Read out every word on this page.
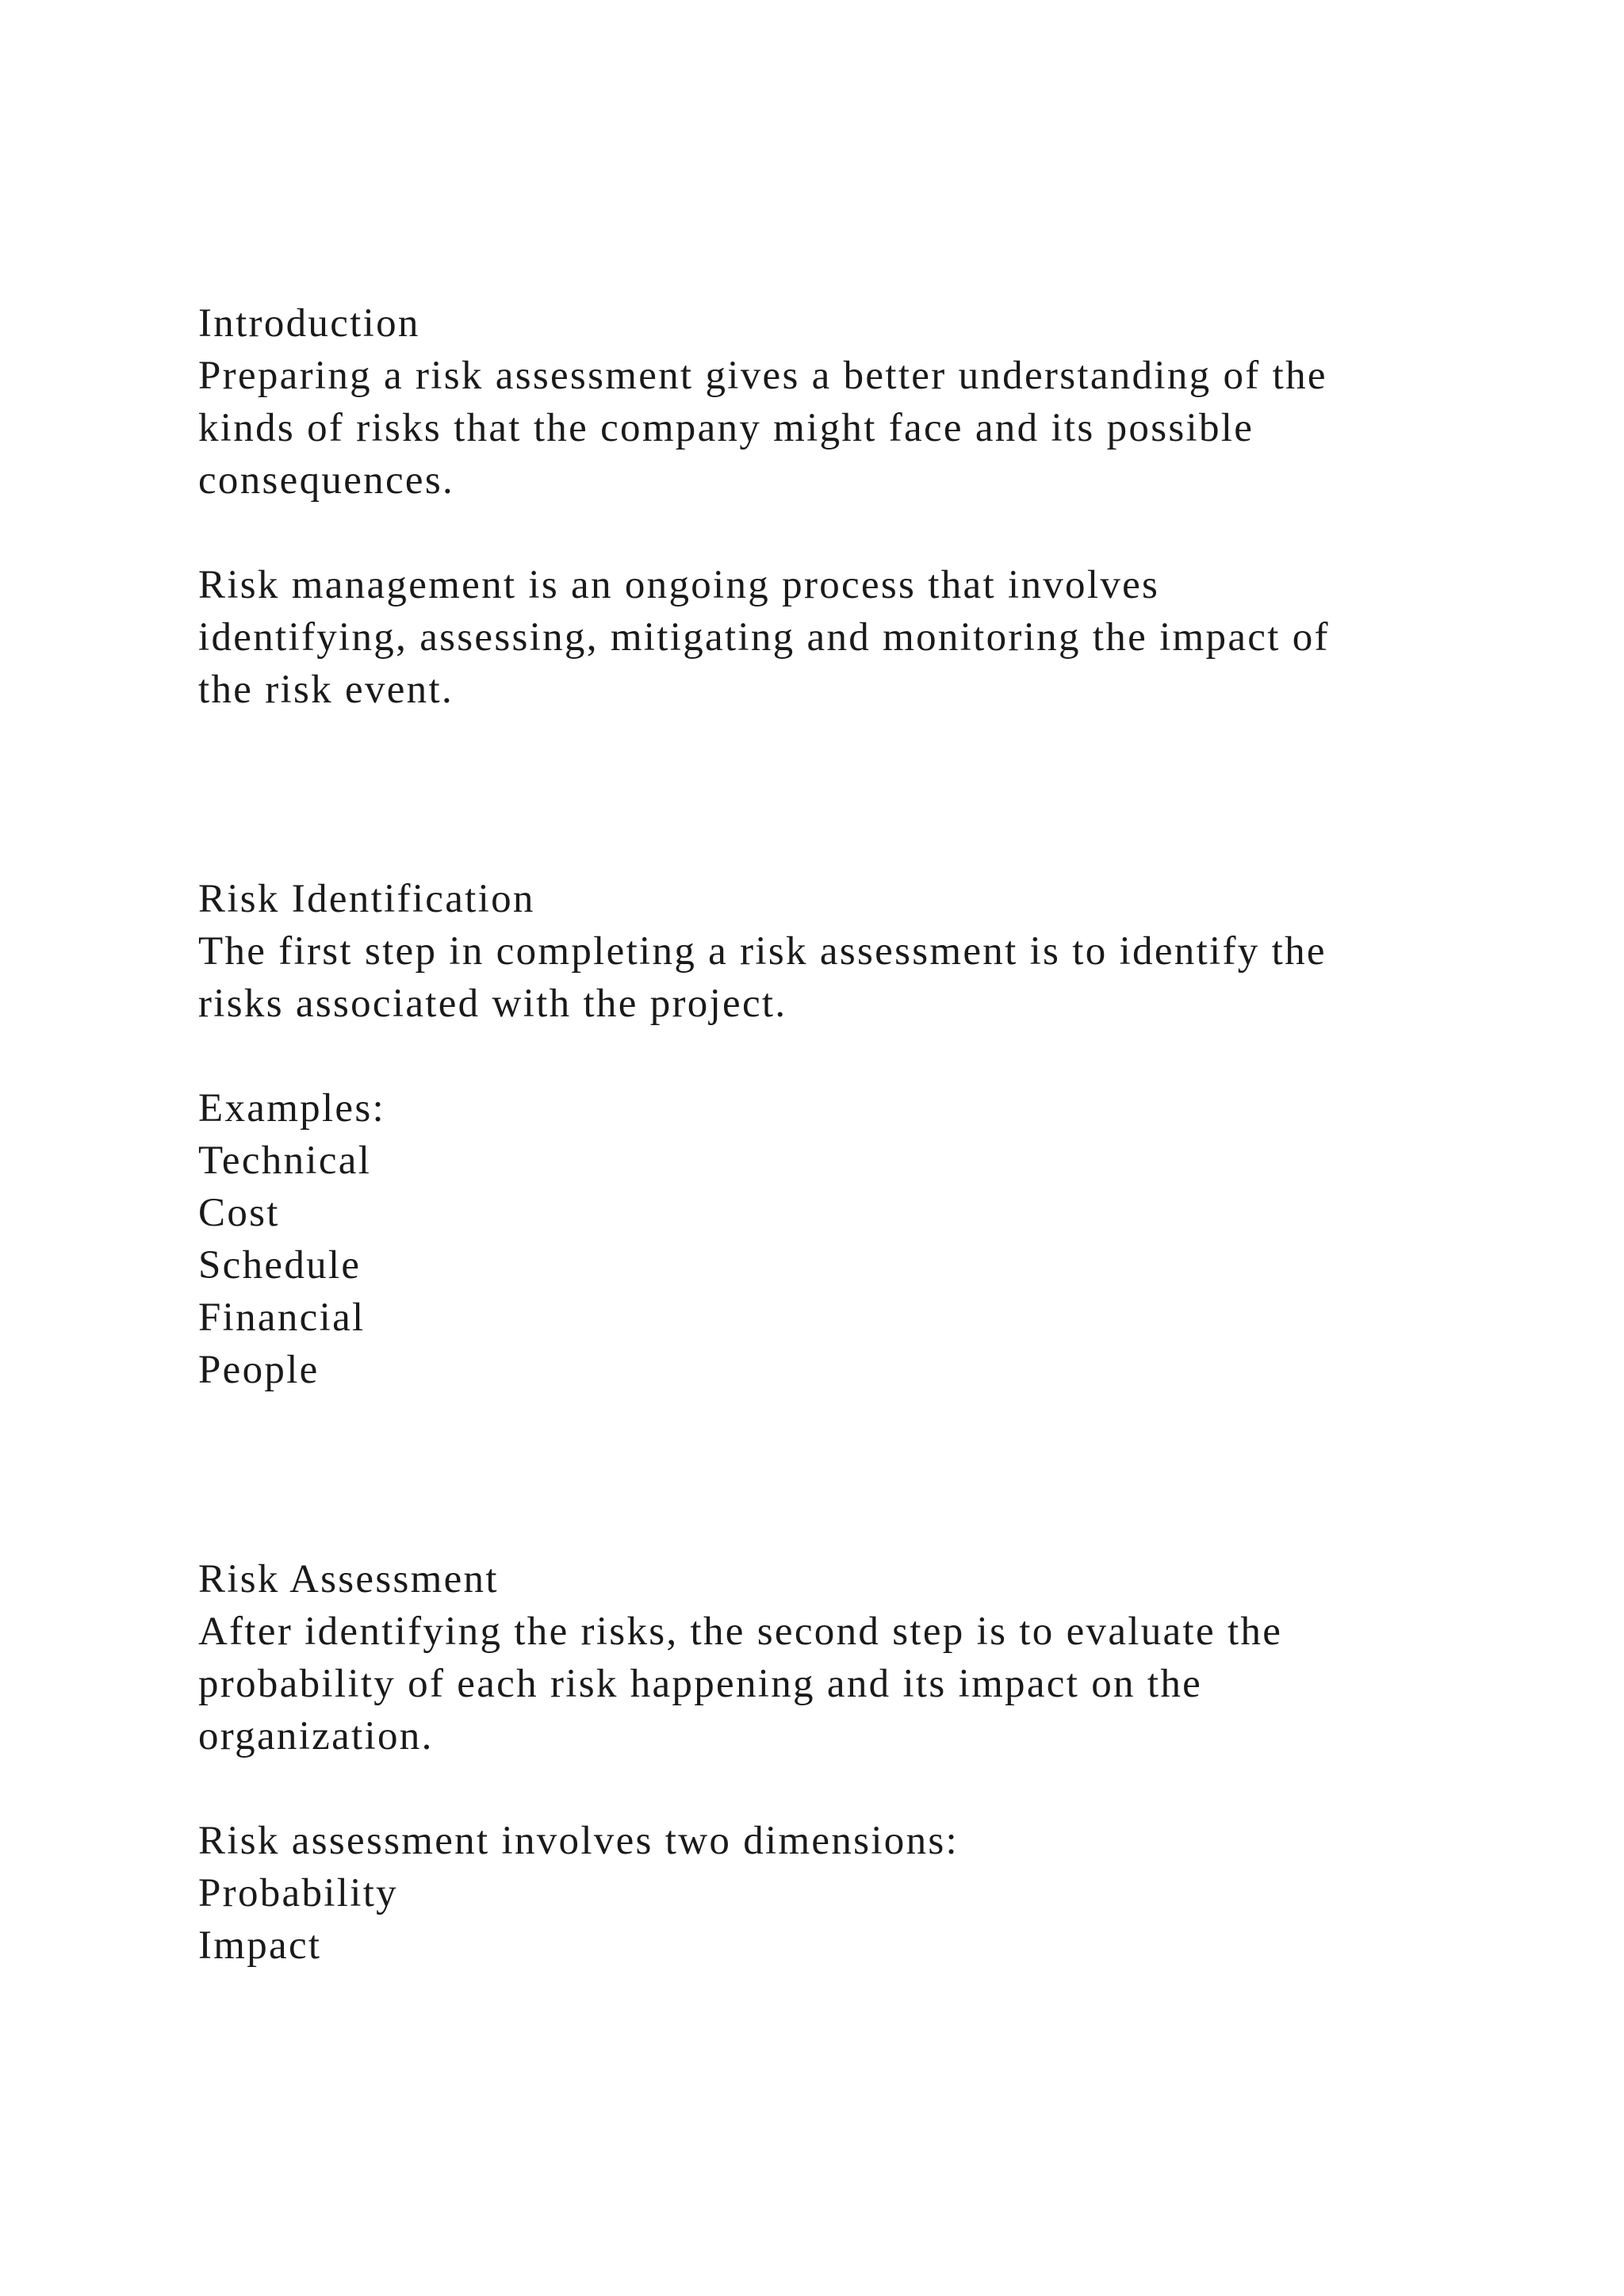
Introduction
Preparing a risk assessment gives a better understanding of the
kinds of risks that the company might face and its possible
consequences.
Risk management is an ongoing process that involves
identifying, assessing, mitigating and monitoring the impact of
the risk event.
Risk Identification
The first step in completing a risk assessment is to identify the
risks associated with the project.
Examples:
Technical
Cost
Schedule
Financial
People
Risk Assessment
After identifying the risks, the second step is to evaluate the
probability of each risk happening and its impact on the
organization.
Risk assessment involves two dimensions:
Probability
Impact
